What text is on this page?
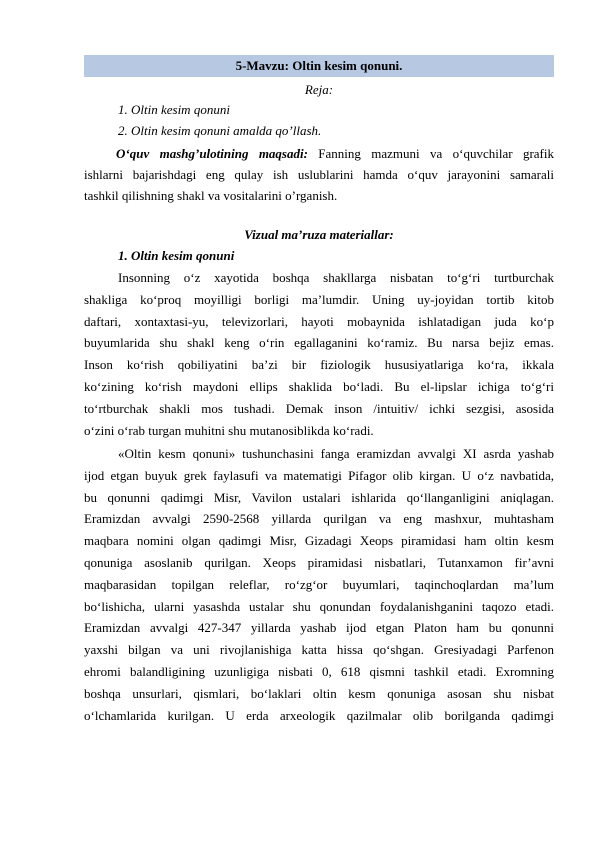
5-Mavzu: Oltin kesim qonuni.
Reja:
1. Oltin kesim qonuni
2. Oltin kesim qonuni amalda qo’llash.
O‘quv mashg’ulotining maqsadi: Fanning mazmuni va o‘quvchilar grafik
ishlarni bajarishdagi eng qulay ish uslublarini hamda o‘quv jarayonini samarali
tashkil qilishning shakl va vositalarini o’rganish.
Vizual ma’ruza materiallar:
1. Oltin kesim qonuni
Insonning o‘z xayotida boshqa shakllarga nisbatan to‘g‘ri turtburchak
shakliga ko‘proq moyilligi borligi ma’lumdir. Uning uy-joyidan tortib kitob
daftari, xontaxtasi-yu, televizorlari, hayoti mobaynida ishlatadigan juda ko‘p
buyumlarida shu shakl keng o‘rin egallaganini ko‘ramiz. Bu narsa bejiz emas.
Inson ko‘rish qobiliyatini ba’zi bir fiziologik hususiyatlariga ko‘ra, ikkala
ko‘zining ko‘rish maydoni ellips shaklida bo‘ladi. Bu el-lipslar ichiga to‘g‘ri
to‘rtburchak shakli mos tushadi. Demak inson /intuitiv/ ichki sezgisi, asosida
o‘zini o‘rab turgan muhitni shu mutanosiblikda ko‘radi.
«Oltin kesm qonuni» tushunchasini fanga eramizdan avvalgi XI asrda yashab
ijod etgan buyuk grek faylasufi va matematigi Pifagor olib kirgan. U o‘z navbatida,
bu qonunni qadimgi Misr, Vavilon ustalari ishlarida qo‘llanganligini aniqlagan.
Eramizdan avvalgi 2590-2568 yillarda qurilgan va eng mashxur, muhtasham
maqbara nomini olgan qadimgi Misr, Gizadagi Xeops piramidasi ham oltin kesm
qonuniga asoslanib qurilgan. Xeops piramidasi nisbatlari, Tutanxamon fir’avni
maqbarasidan topilgan releflar, ro‘zg‘or buyumlari, taqinchoqlardan ma’lum
bo‘lishicha, ularni yasashda ustalar shu qonundan foydalanishganini taqozo etadi.
Eramizdan avvalgi 427-347 yillarda yashab ijod etgan Platon ham bu qonunni
yaxshi bilgan va uni rivojlanishiga katta hissa qo‘shgan. Gresiyadagi Parfenon
ehromi balandligining uzunligiga nisbati 0, 618 qismni tashkil etadi. Exromning
boshqa unsurlari, qismlari, bo‘laklari oltin kesm qonuniga asosan shu nisbat
o‘lchamlarida kurilgan. U erda arxeologik qazilmalar olib borilganda qadimgi
